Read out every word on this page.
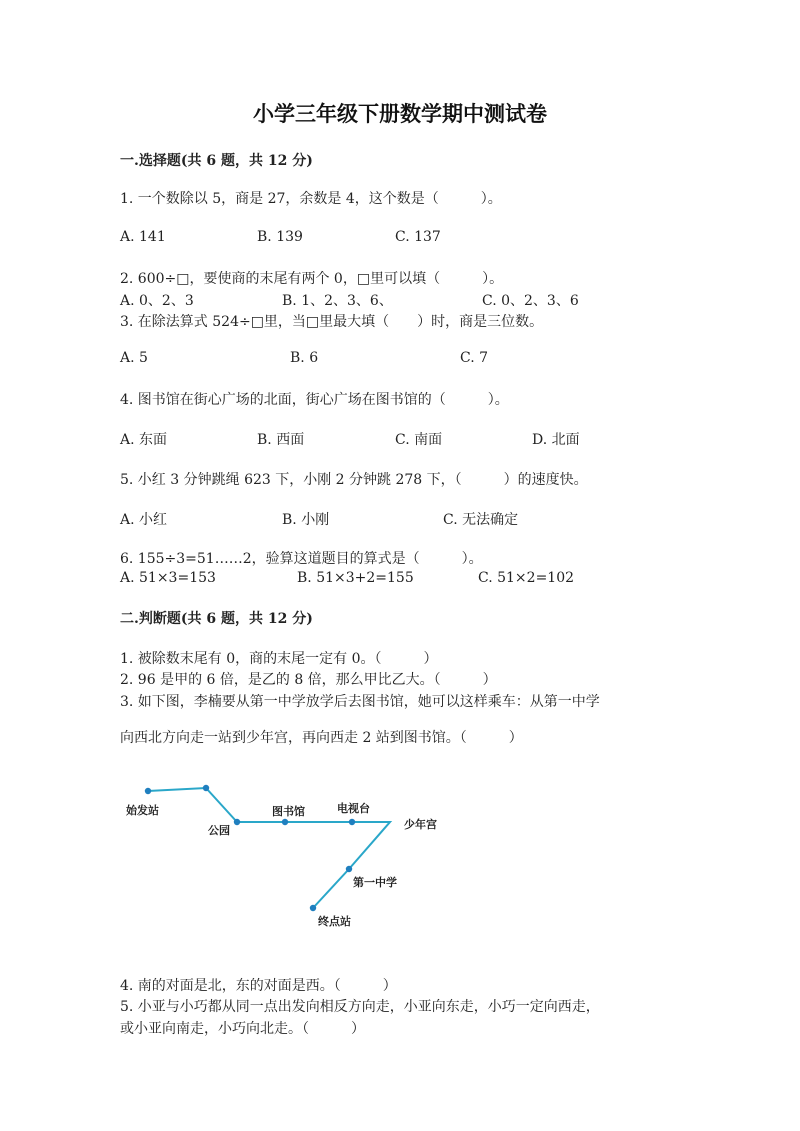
小学三年级下册数学期中测试卷
一.选择题(共 6 题，共 12 分)
1. 一个数除以 5，商是 27，余数是 4，这个数是（　　　）。
A. 141	B. 139	C. 137
2. 600÷□，要使商的末尾有两个 0，□里可以填（　　　）。
A. 0、2、3	B. 1、2、3、6、	C. 0、2、3、6
3. 在除法算式 524÷□里，当□里最大填（　　）时，商是三位数。
A. 5	B. 6	C. 7
4. 图书馆在街心广场的北面，街心广场在图书馆的（　　　）。
A. 东面	B. 西面	C. 南面	D. 北面
5. 小红 3 分钟跳绳 623 下，小刚 2 分钟跳 278 下，（　　　）的速度快。
A. 小红	B. 小刚	C. 无法确定
6. 155÷3=51……2，验算这道题目的算式是（　　　）。
A. 51×3=153	B. 51×3+2=155	C. 51×2=102
二.判断题(共 6 题，共 12 分)
1. 被除数末尾有 0，商的末尾一定有 0。（　　　）
2. 96 是甲的 6 倍，是乙的 8 倍，那么甲比乙大。（　　　）
3. 如下图，李楠要从第一中学放学后去图书馆，她可以这样乘车：从第一中学
向西北方向走一站到少年宫，再向西走 2 站到图书馆。（　　　）
始发站
公园
图书馆	电视台
少年宫
第一中学
终点站
4. 南的对面是北，东的对面是西。（　　　）
5. 小亚与小巧都从同一点出发向相反方向走，小亚向东走，小巧一定向西走，
或小亚向南走，小巧向北走。（　　　）
